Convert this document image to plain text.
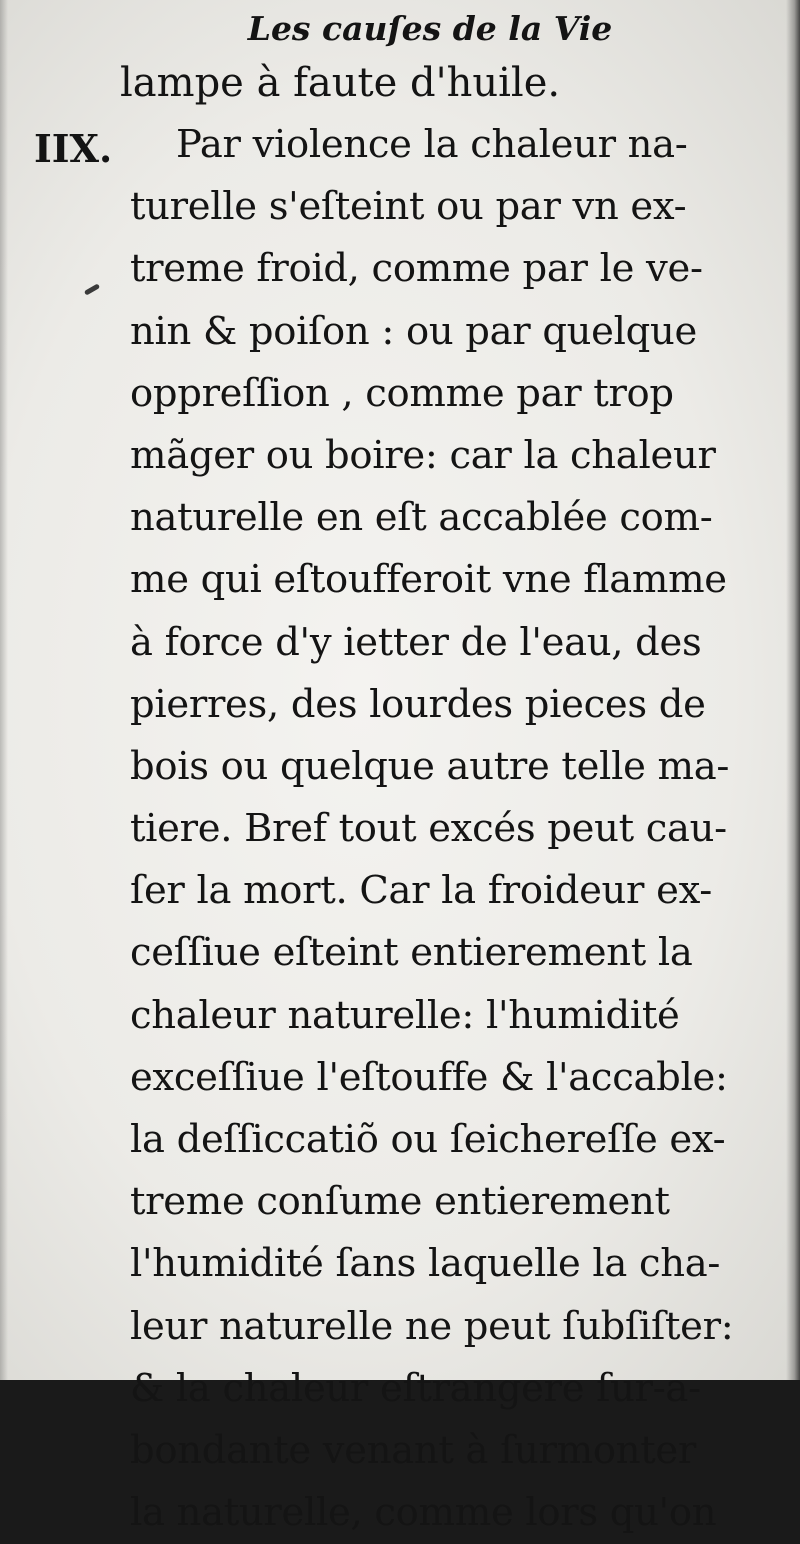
Les cauſes de la Vie
lampe à faute d'huile.
IIX.	Par violence la chaleur na-
turelle s'eſteint ou par vn ex-
treme froid, comme par le ve-
nin & poiſon : ou par quelque
oppreſſion , comme par trop
mãger ou boire: car la chaleur
naturelle en eſt accablée com-
me qui eſtoufferoit vne flamme
à force d'y ietter de l'eau, des
pierres, des lourdes pieces de
bois ou quelque autre telle ma-
tiere. Bref tout excés peut cau-
ſer la mort. Car la froideur ex-
ceſſiue eſteint entierement la
chaleur naturelle: l'humidité
exceſſiue l'eſtouffe & l'accable:
la deſſiccatiõ ou ſeichereſſe ex-
treme conſume entierement
l'humidité ſans laquelle la cha-
leur naturelle ne peut ſubſiſter:
& la chaleur eſtrangere ſur-a-
bondante venant à ſurmonter
la naturelle, comme lors qu'on
